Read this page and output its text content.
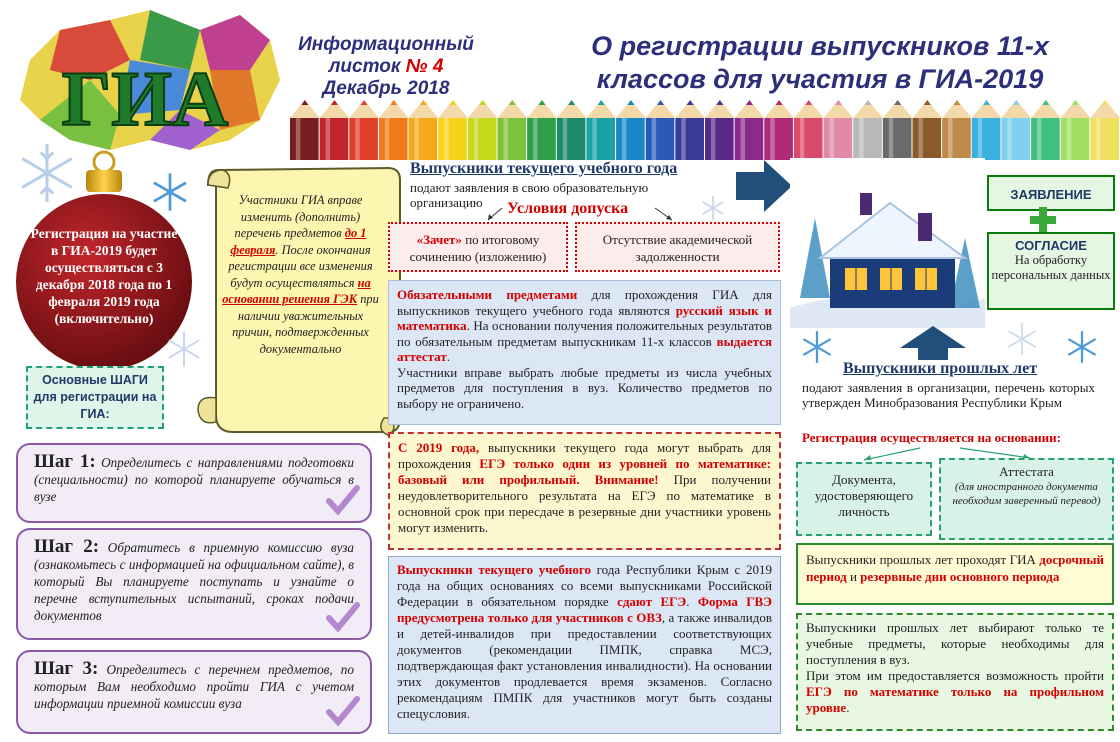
ГИА
Информационный
листок № 4
Декабрь 2018
О регистрации выпускников 11-х
классов для участия в ГИА-2019
Регистрация на участие в ГИА-2019 будет осуществляться с 3 декабря 2018 года по 1 февраля 2019 года (включительно)
Участники ГИА вправе изменить (дополнить) перечень предметов до 1 февраля. После окончания регистрации все изменения будут осуществляться на основании решения ГЭК при наличии уважительных причин, подтвержденных документально
Основные ШАГИ для регистрации на ГИА:
Шаг 1: Определитесь с направлениями подготовки (специальности) по которой планируете обучаться в вузе
Шаг 2: Обратитесь в приемную комиссию вуза (ознакомьтесь с информацией на официальном сайте), в который Вы планируете поступать и узнайте о перечне вступительных испытаний, сроках подачи документов
Шаг 3: Определитесь с перечнем предметов, по которым Вам необходимо пройти ГИА с учетом информации приемной комиссии вуза
Выпускники текущего учебного года
подают заявления в свою образовательную организацию	Условия допуска
«Зачет» по итоговому сочинению (изложению)
Отсутствие академической задолженности

Обязательными предметами для прохождения ГИА для выпускников текущего учебного года являются русский язык и математика. На основании получения положительных результатов по обязательным предметам выпускникам 11-х классов выдается аттестат.

Участники вправе выбрать любые предметы из числа учебных предметов для поступления в вуз. Количество предметов по выбору не ограничено.

С 2019 года, выпускники текущего года могут выбрать для прохождения ЕГЭ только один из уровней по математике: базовый или профильный. Внимание! При получении неудовлетворительного результата на ЕГЭ по математике в основной срок при пересдаче в резервные дни участники уровень могут изменить.
Выпускники текущего учебного года Республики Крым с 2019 года на общих основаниях со всеми выпускниками Российской Федерации в обязательном порядке сдают ЕГЭ. Форма ГВЭ предусмотрена только для участников с ОВЗ, а также инвалидов и детей-инвалидов при предоставлении соответствующих документов (рекомендации ПМПК, справка МСЭ, подтверждающая факт установления инвалидности). На основании этих документов продлевается время экзаменов. Согласно рекомендациям ПМПК для участников могут быть созданы спецусловия.
ЗАЯВЛЕНИЕ
СОГЛАСИЕ
На обработку персональных данных
Выпускники прошлых лет
подают заявления в организации, перечень которых утвержден Минобразования Республики Крым
Регистрация осуществляется на основании:
Документа, удостоверяющего личность
Аттестата
(для иностранного документа необходим заверенный перевод)
Выпускники прошлых лет проходят ГИА досрочный период и резервные дни основного периода

Выпускники прошлых лет выбирают только те учебные предметы, которые необходимы для поступления в вуз.

При этом им предоставляется возможность пройти ЕГЭ по математике только на профильном уровне.
